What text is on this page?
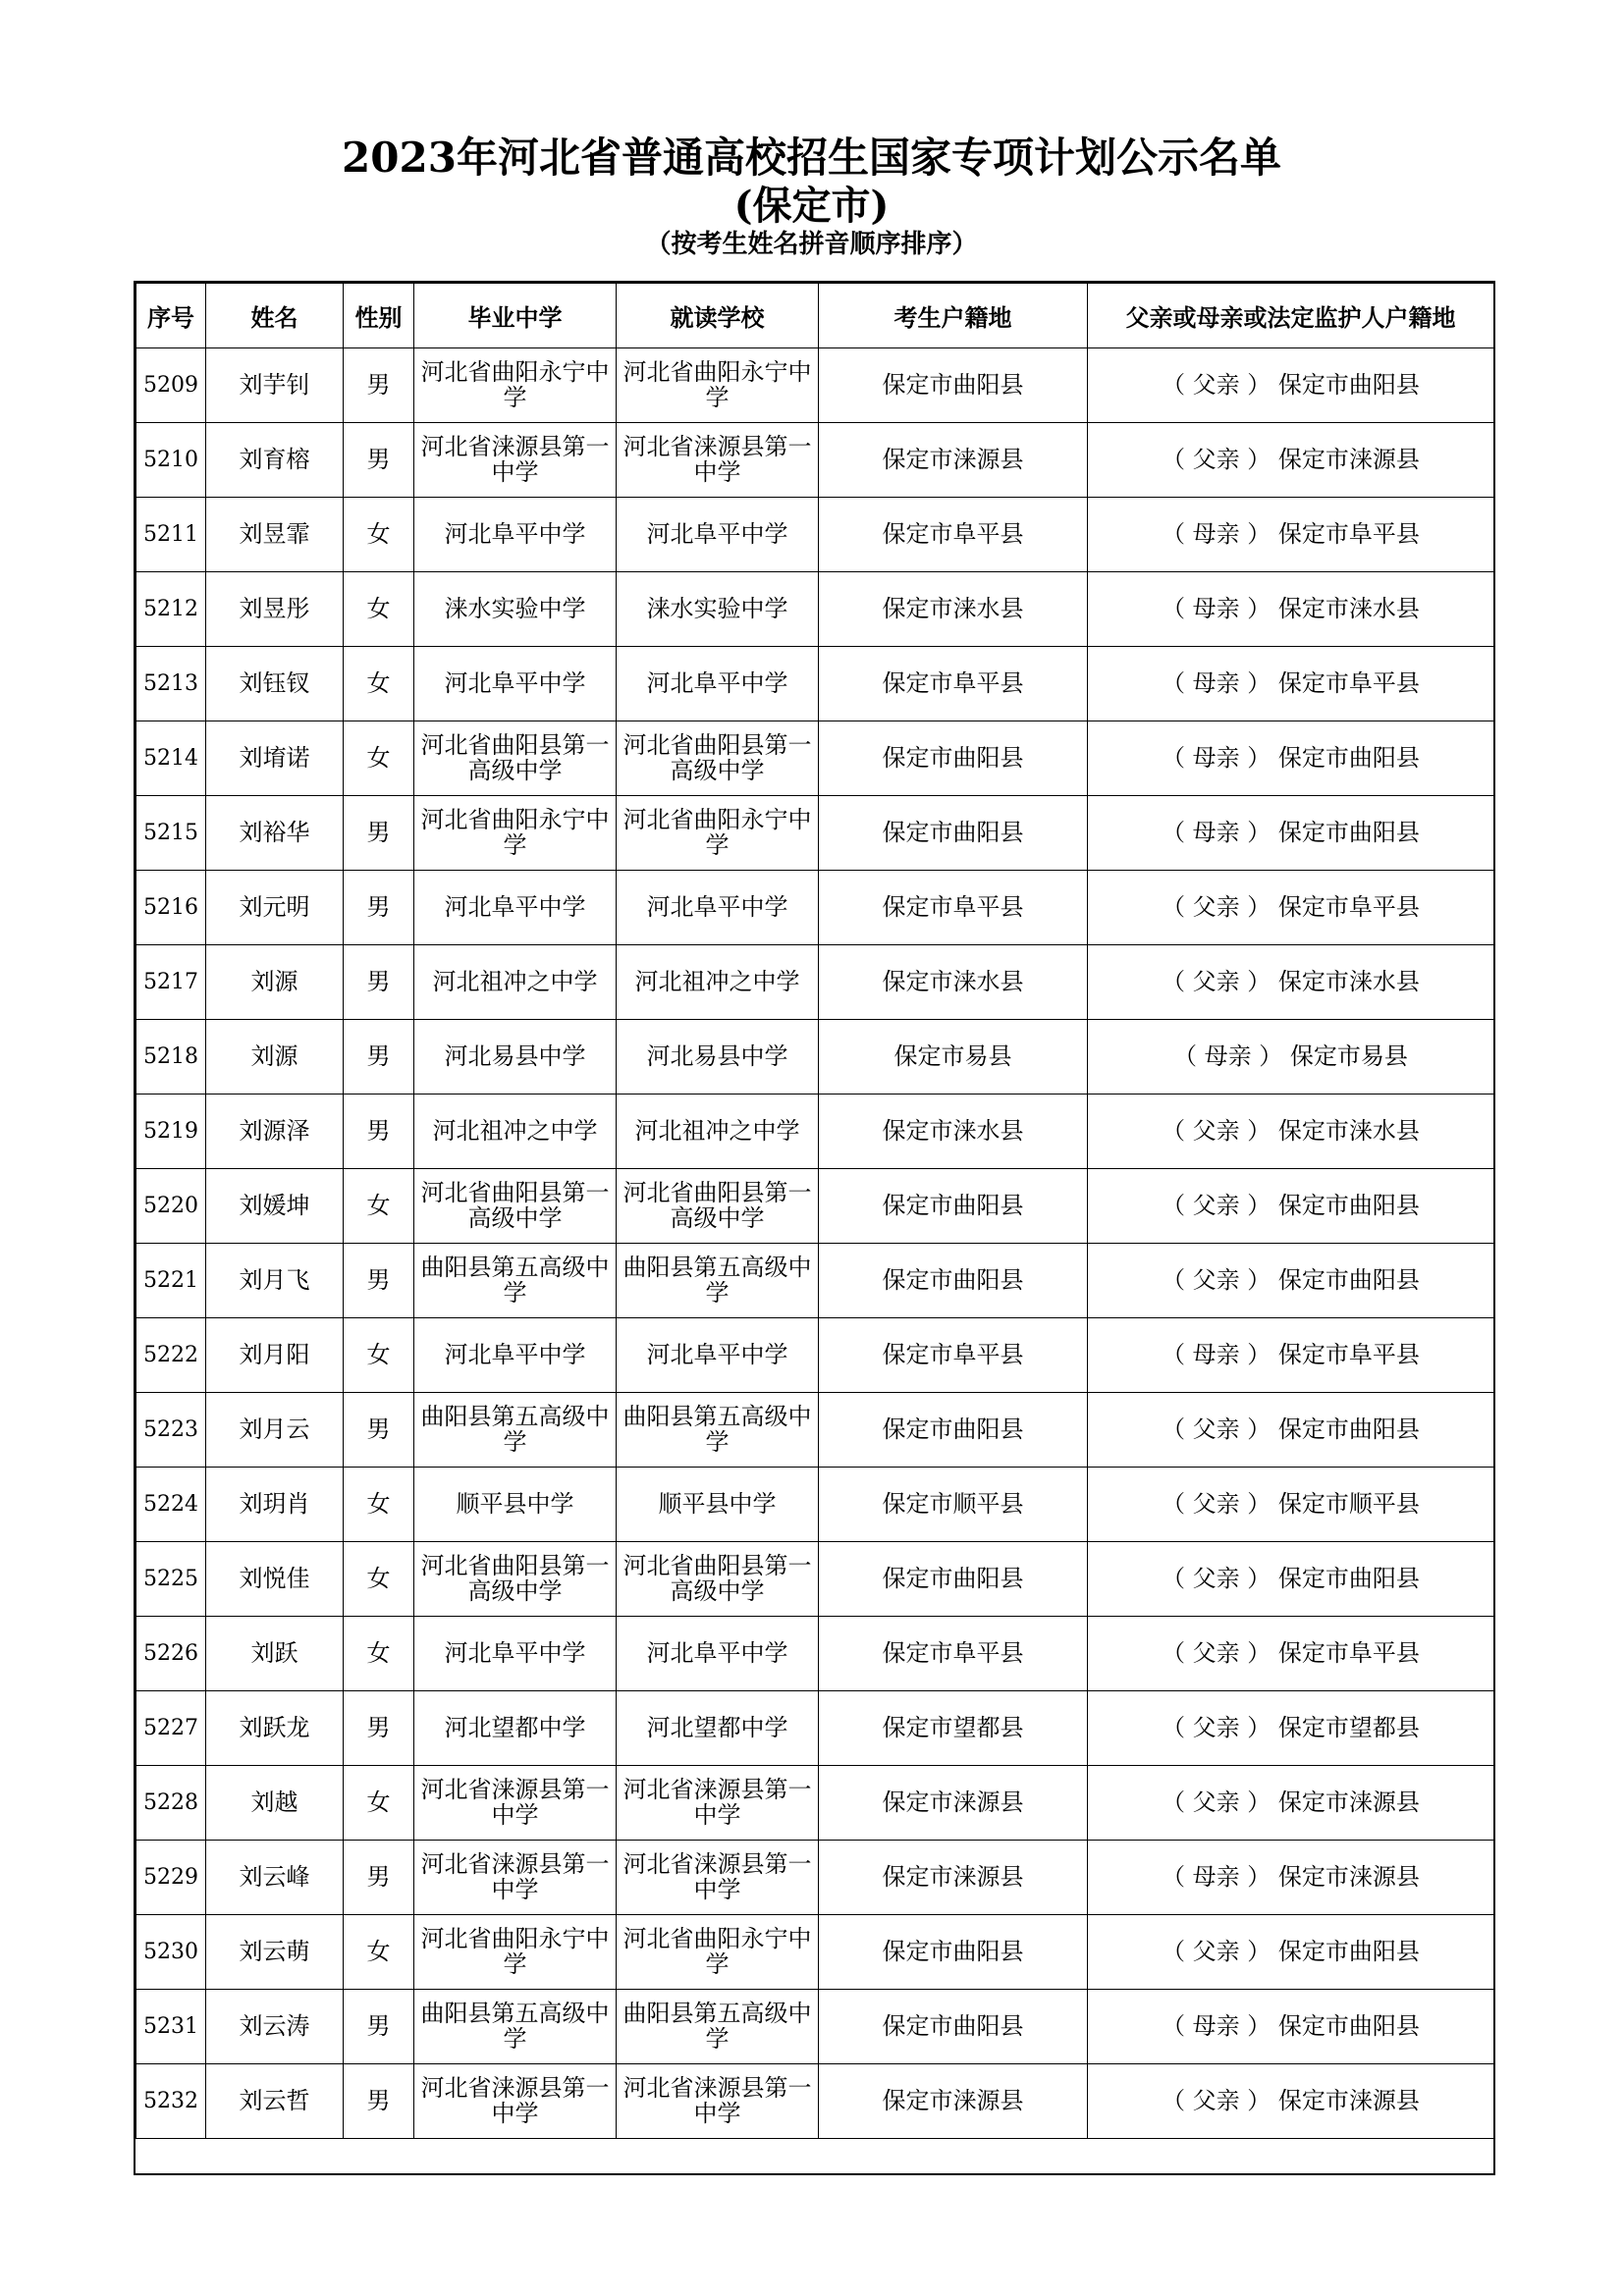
2023年河北省普通高校招生国家专项计划公示名单
(保定市)
（按考生姓名拼音顺序排序）
序号	姓名	性别	毕业中学	就读学校	考生户籍地	父亲或母亲或法定监护人户籍地
5209	刘芋钊	男	河北省曲阳永宁中学	河北省曲阳永宁中学	保定市曲阳县	（ 父亲 ） 保定市曲阳县
5210	刘育榕	男	河北省涞源县第一中学	河北省涞源县第一中学	保定市涞源县	（ 父亲 ） 保定市涞源县
5211	刘昱霏	女	河北阜平中学	河北阜平中学	保定市阜平县	（ 母亲 ） 保定市阜平县
5212	刘昱彤	女	涞水实验中学	涞水实验中学	保定市涞水县	（ 母亲 ） 保定市涞水县
5213	刘钰钗	女	河北阜平中学	河北阜平中学	保定市阜平县	（ 母亲 ） 保定市阜平县
5214	刘堉诺	女	河北省曲阳县第一高级中学	河北省曲阳县第一高级中学	保定市曲阳县	（ 母亲 ） 保定市曲阳县
5215	刘裕华	男	河北省曲阳永宁中学	河北省曲阳永宁中学	保定市曲阳县	（ 母亲 ） 保定市曲阳县
5216	刘元明	男	河北阜平中学	河北阜平中学	保定市阜平县	（ 父亲 ） 保定市阜平县
5217	刘源	男	河北祖冲之中学	河北祖冲之中学	保定市涞水县	（ 父亲 ） 保定市涞水县
5218	刘源	男	河北易县中学	河北易县中学	保定市易县	（ 母亲 ） 保定市易县
5219	刘源泽	男	河北祖冲之中学	河北祖冲之中学	保定市涞水县	（ 父亲 ） 保定市涞水县
5220	刘媛坤	女	河北省曲阳县第一高级中学	河北省曲阳县第一高级中学	保定市曲阳县	（ 父亲 ） 保定市曲阳县
5221	刘月飞	男	曲阳县第五高级中学	曲阳县第五高级中学	保定市曲阳县	（ 父亲 ） 保定市曲阳县
5222	刘月阳	女	河北阜平中学	河北阜平中学	保定市阜平县	（ 母亲 ） 保定市阜平县
5223	刘月云	男	曲阳县第五高级中学	曲阳县第五高级中学	保定市曲阳县	（ 父亲 ） 保定市曲阳县
5224	刘玥肖	女	顺平县中学	顺平县中学	保定市顺平县	（ 父亲 ） 保定市顺平县
5225	刘悦佳	女	河北省曲阳县第一高级中学	河北省曲阳县第一高级中学	保定市曲阳县	（ 父亲 ） 保定市曲阳县
5226	刘跃	女	河北阜平中学	河北阜平中学	保定市阜平县	（ 父亲 ） 保定市阜平县
5227	刘跃龙	男	河北望都中学	河北望都中学	保定市望都县	（ 父亲 ） 保定市望都县
5228	刘越	女	河北省涞源县第一中学	河北省涞源县第一中学	保定市涞源县	（ 父亲 ） 保定市涞源县
5229	刘云峰	男	河北省涞源县第一中学	河北省涞源县第一中学	保定市涞源县	（ 母亲 ） 保定市涞源县
5230	刘云萌	女	河北省曲阳永宁中学	河北省曲阳永宁中学	保定市曲阳县	（ 父亲 ） 保定市曲阳县
5231	刘云涛	男	曲阳县第五高级中学	曲阳县第五高级中学	保定市曲阳县	（ 母亲 ） 保定市曲阳县
5232	刘云哲	男	河北省涞源县第一中学	河北省涞源县第一中学	保定市涞源县	（ 父亲 ） 保定市涞源县
